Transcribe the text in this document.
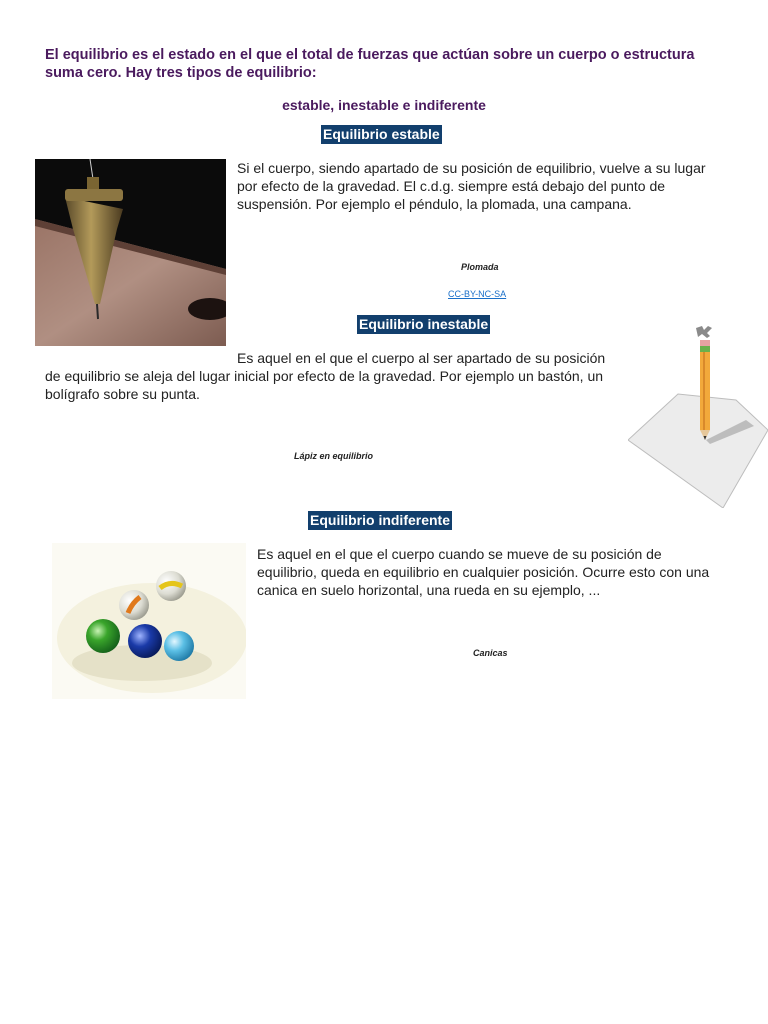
El equilibrio es el estado en el que el total de fuerzas que actúan sobre un cuerpo o estructura suma cero. Hay tres tipos de equilibrio:
estable, inestable e indiferente
Equilibrio estable
Si el cuerpo, siendo apartado de su posición de equilibrio, vuelve a su lugar por efecto de la gravedad. El c.d.g. siempre está debajo del punto de suspensión. Por ejemplo el péndulo, la plomada, una campana.
Plomada
CC-BY-NC-SA
Equilibrio inestable
Es aquel en el que el cuerpo al ser apartado de su posición de equilibrio se aleja del lugar inicial por efecto de la gravedad. Por ejemplo un bastón, un bolígrafo sobre su punta.
Lápiz en equilibrio
Equilibrio indiferente
Es aquel en el que el cuerpo cuando se mueve de su posición de equilibrio, queda en equilibrio en cualquier posición. Ocurre esto con una canica en suelo horizontal, una rueda en su ejemplo, ...
Canicas
